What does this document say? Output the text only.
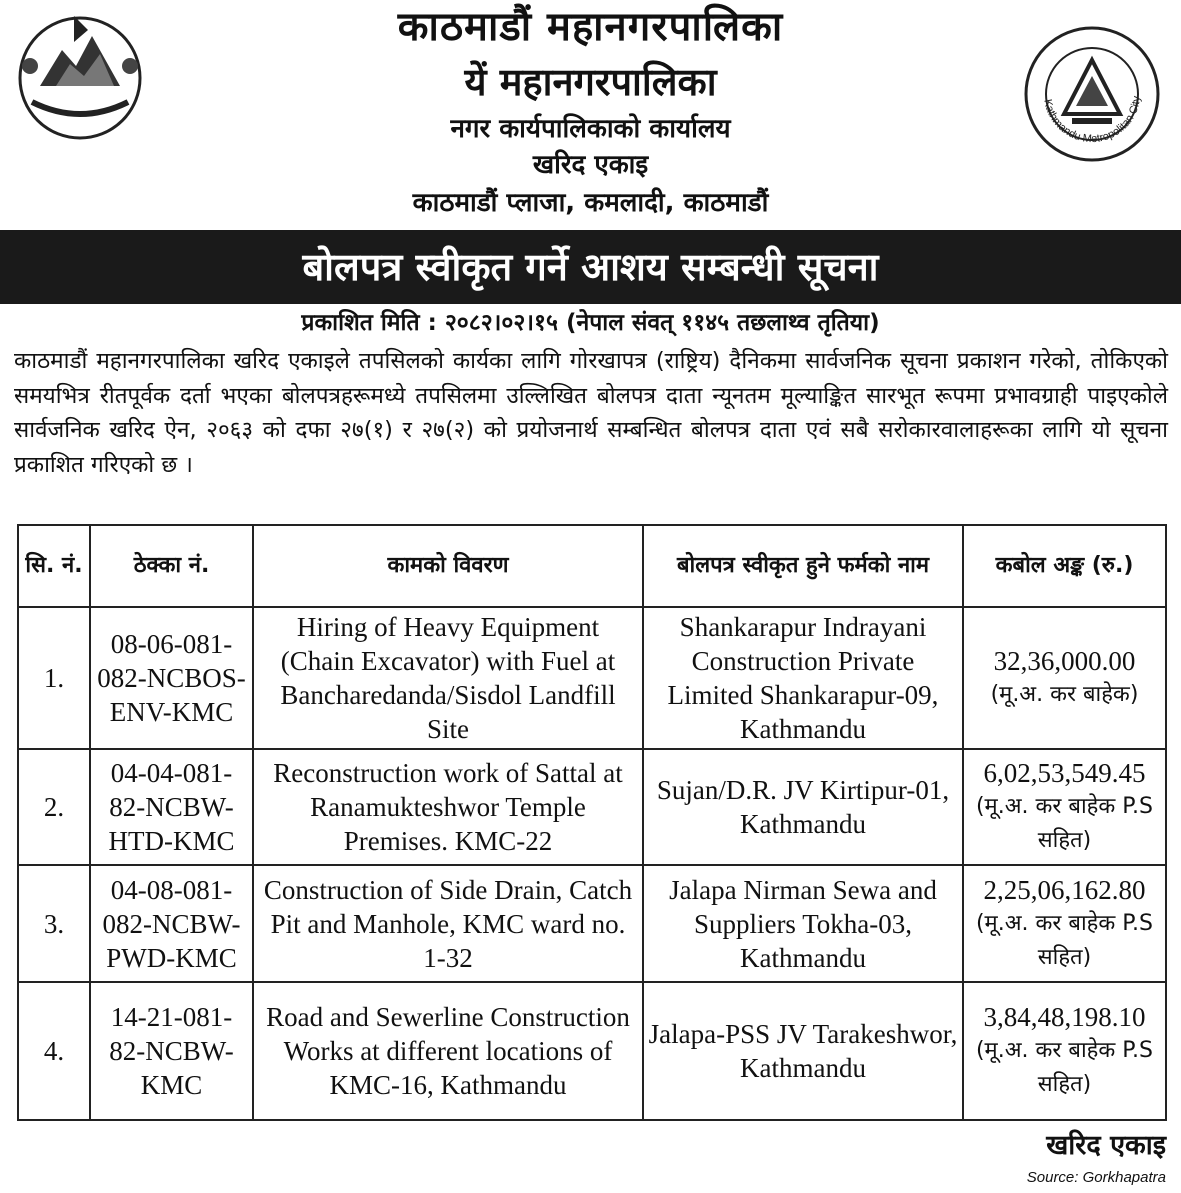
काठमाडौं महानगरपालिका
यें महानगरपालिका
नगर कार्यपालिकाको कार्यालय
खरिद एकाइ
काठमाडौं प्लाजा, कमलादी, काठमाडौं
Kathmandu Metropolitan City
बोलपत्र स्वीकृत गर्ने आशय सम्बन्धी सूचना
प्रकाशित मिति : २०८२।०२।१५ (नेपाल संवत् ११४५ तछलाथ्व तृतिया)
काठमाडौं महानगरपालिका खरिद एकाइले तपसिलको कार्यका लागि गोरखापत्र (राष्ट्रिय) दैनिकमा सार्वजनिक सूचना प्रकाशन गरेको, तोकिएको समयभित्र रीतपूर्वक दर्ता भएका बोलपत्रहरूमध्ये तपसिलमा उल्लिखित बोलपत्र दाता न्यूनतम मूल्याङ्कित सारभूत रूपमा प्रभावग्राही पाइएकोले सार्वजनिक खरिद ऐन, २०६३ को दफा २७(१) र २७(२) को प्रयोजनार्थ सम्बन्धित बोलपत्र दाता एवं सबै सरोकारवालाहरूका लागि यो सूचना प्रकाशित गरिएको छ ।
सि. नं.	ठेक्का नं.	कामको विवरण	बोलपत्र स्वीकृत हुने फर्मको नाम	कबोल अङ्क (रु.)
1.	08-06-081-082-NCBOS-ENV-KMC	Hiring of Heavy Equipment (Chain Excavator) with Fuel at Bancharedanda/Sisdol Landfill Site	Shankarapur Indrayani Construction Private Limited Shankarapur-09, Kathmandu	32,36,000.00
(मू.अ. कर बाहेक)

2.	04-04-081-82-NCBW-HTD-KMC	Reconstruction work of Sattal at Ranamukteshwor Temple Premises. KMC-22	Sujan/D.R. JV Kirtipur-01, Kathmandu	6,02,53,549.45
(मू.अ. कर बाहेक P.S सहित)

3.	04-08-081-082-NCBW-PWD-KMC	Construction of Side Drain, Catch Pit and Manhole, KMC ward no. 1-32	Jalapa Nirman Sewa and Suppliers Tokha-03, Kathmandu	2,25,06,162.80
(मू.अ. कर बाहेक P.S सहित)

4.	14-21-081-82-NCBW-KMC	Road and Sewerline Construction Works at different locations of KMC-16, Kathmandu	Jalapa-PSS JV Tarakeshwor, Kathmandu	3,84,48,198.10
(मू.अ. कर बाहेक P.S सहित)
खरिद एकाइ
Source: Gorkhapatra
